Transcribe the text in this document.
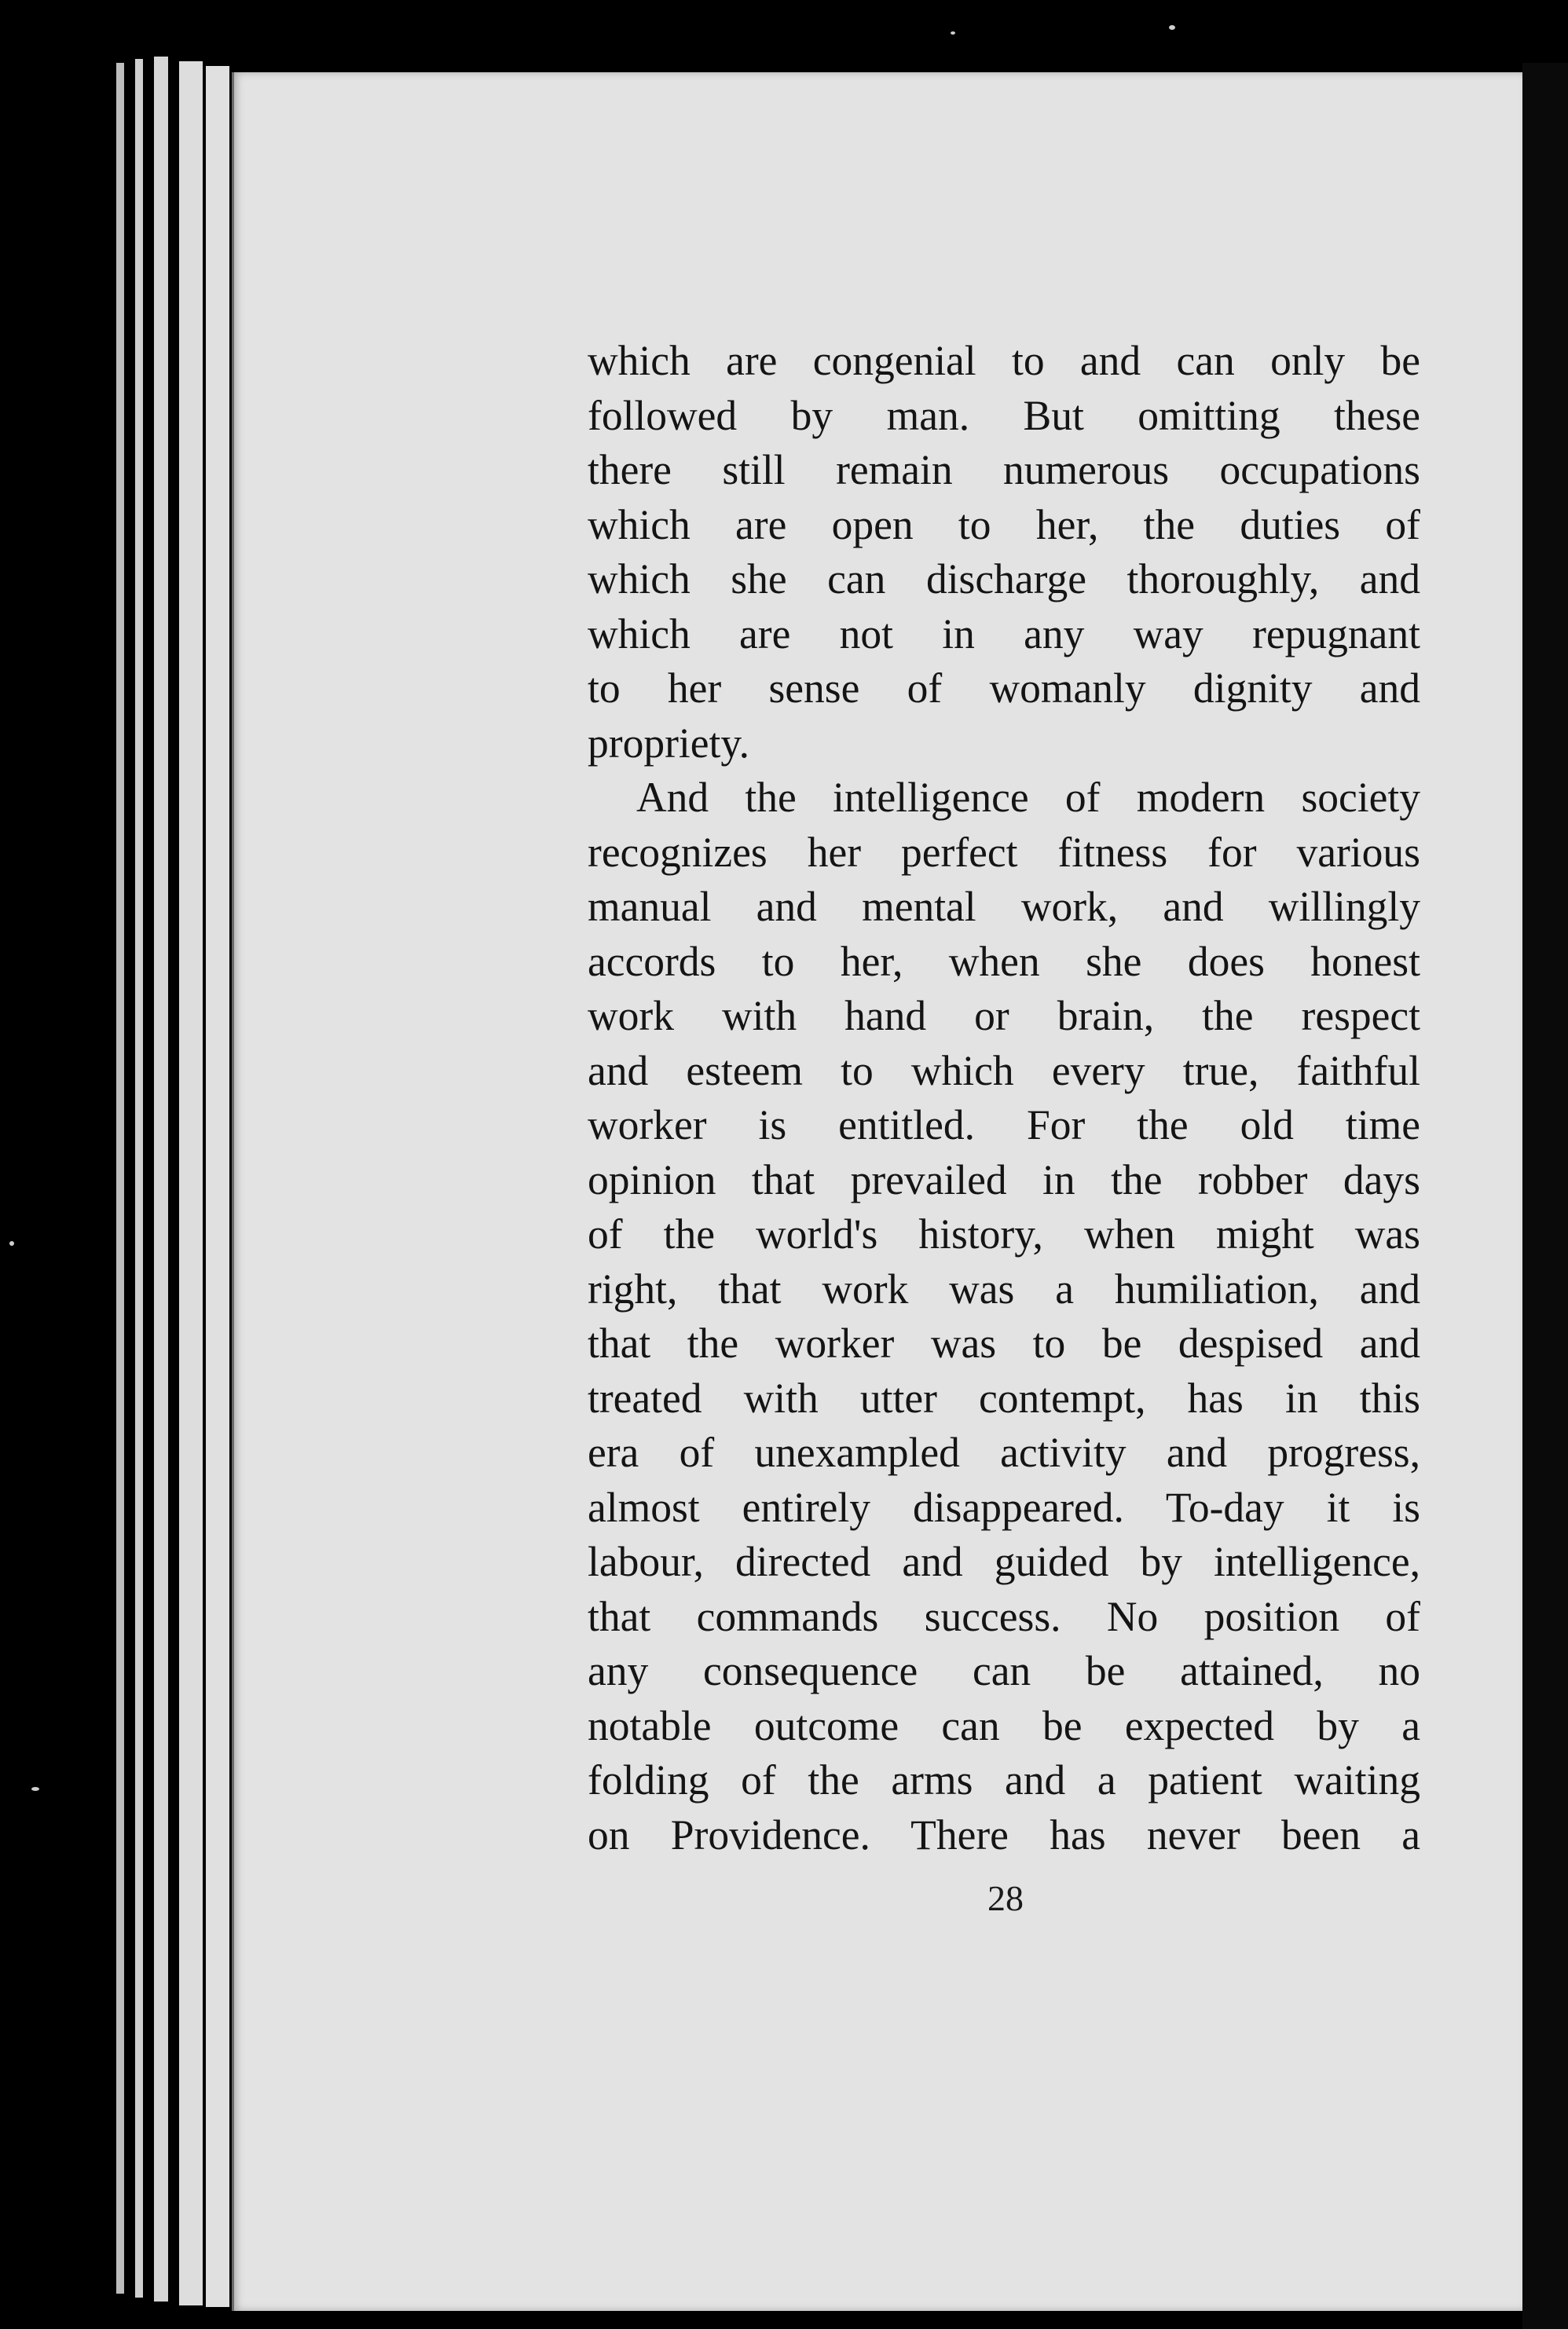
which are congenial to and can only be
followed by man. But omitting these
there still remain numerous occupations
which are open to her, the duties of
which she can discharge thoroughly, and
which are not in any way repugnant
to her sense of womanly dignity and
propriety.
And the intelligence of modern society
recognizes her perfect fitness for various
manual and mental work, and willingly
accords to her, when she does honest
work with hand or brain, the respect
and esteem to which every true, faithful
worker is entitled. For the old time
opinion that prevailed in the robber days
of the world's history, when might was
right, that work was a humiliation, and
that the worker was to be despised and
treated with utter contempt, has in this
era of unexampled activity and progress,
almost entirely disappeared. To-day it is
labour, directed and guided by intelligence,
that commands success. No position of
any consequence can be attained, no
notable outcome can be expected by a
folding of the arms and a patient waiting
on Providence. There has never been a
28
